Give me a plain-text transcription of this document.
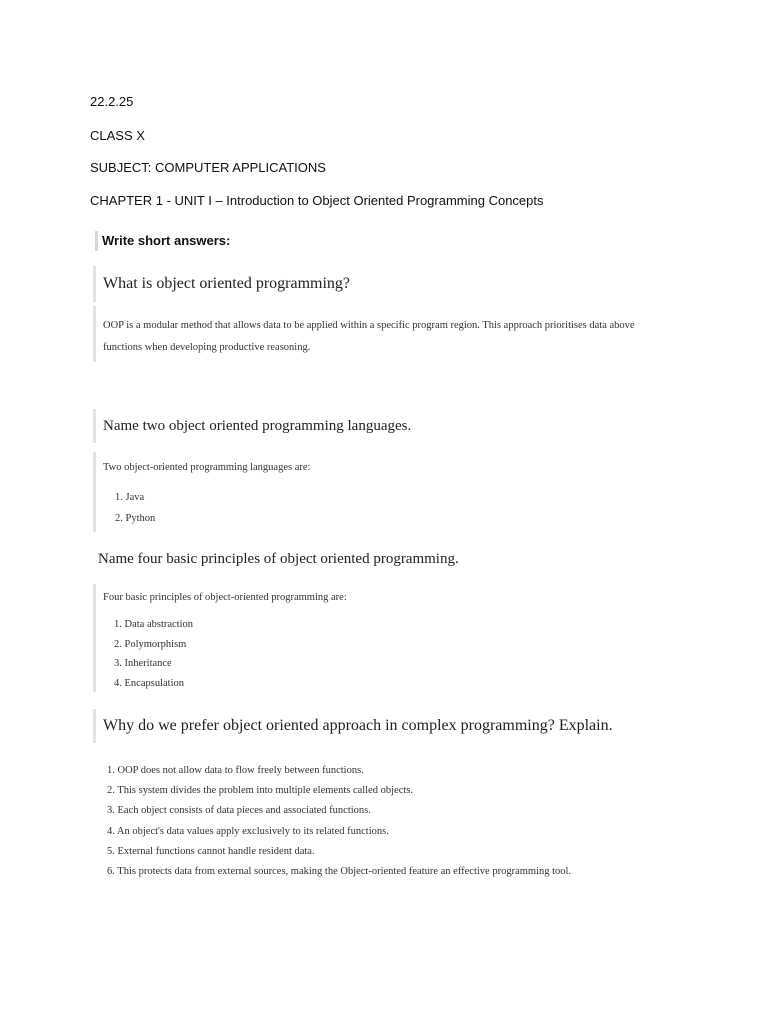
22.2.25
CLASS X
SUBJECT: COMPUTER APPLICATIONS
CHAPTER 1 - UNIT I – Introduction to Object Oriented Programming Concepts
Write short answers:
What is object oriented programming?
OOP is a modular method that allows data to be applied within a specific program region. This approach prioritises data above
functions when developing productive reasoning.
Name two object oriented programming languages.
Two object-oriented programming languages are:
1. Java
2. Python
Name four basic principles of object oriented programming.
Four basic principles of object-oriented programming are:
1. Data abstraction
2. Polymorphism
3. Inheritance
4. Encapsulation
Why do we prefer object oriented approach in complex programming? Explain.
1. OOP does not allow data to flow freely between functions.
2. This system divides the problem into multiple elements called objects.
3. Each object consists of data pieces and associated functions.
4. An object's data values apply exclusively to its related functions.
5. External functions cannot handle resident data.
6. This protects data from external sources, making the Object-oriented feature an effective programming tool.
